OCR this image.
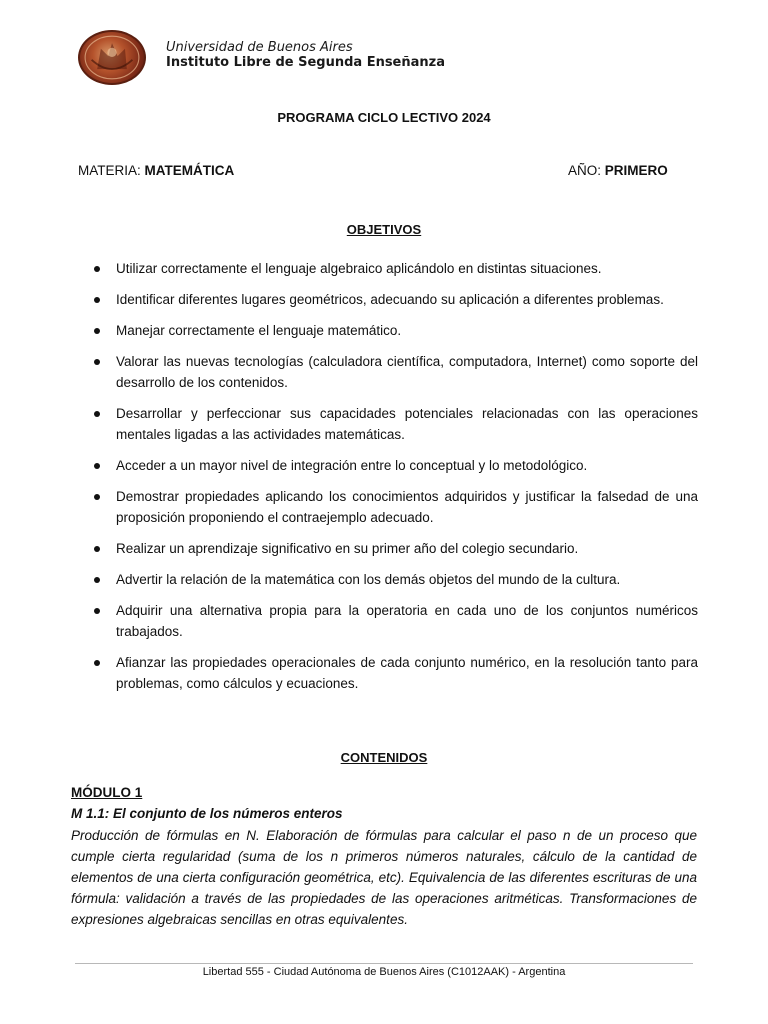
Universidad de Buenos Aires
Instituto Libre de Segunda Enseñanza
PROGRAMA CICLO LECTIVO 2024
MATERIA: MATEMÁTICA	AÑO: PRIMERO
OBJETIVOS
Utilizar correctamente el lenguaje algebraico aplicándolo en distintas situaciones.
Identificar diferentes lugares geométricos, adecuando su aplicación a diferentes problemas.
Manejar correctamente el lenguaje matemático.
Valorar las nuevas tecnologías (calculadora científica, computadora, Internet) como soporte del desarrollo de los contenidos.
Desarrollar y perfeccionar sus capacidades potenciales relacionadas con las operaciones mentales ligadas a las actividades matemáticas.
Acceder a un mayor nivel de integración entre lo conceptual y lo metodológico.
Demostrar propiedades aplicando los conocimientos adquiridos y justificar la falsedad de una proposición proponiendo el contraejemplo adecuado.
Realizar un aprendizaje significativo en su primer año del colegio secundario.
Advertir la relación de la matemática con los demás objetos del mundo de la cultura.
Adquirir una alternativa propia para la operatoria en cada uno de los conjuntos numéricos trabajados.
Afianzar las propiedades operacionales de cada conjunto numérico, en la resolución tanto para problemas, como cálculos y ecuaciones.
CONTENIDOS
MÓDULO 1
M 1.1: El conjunto de los números enteros
Producción de fórmulas en N. Elaboración de fórmulas para calcular el paso n de un proceso que cumple cierta regularidad (suma de los n primeros números naturales, cálculo de la cantidad de elementos de una cierta configuración geométrica, etc). Equivalencia de las diferentes escrituras de una fórmula: validación a través de las propiedades de las operaciones aritméticas. Transformaciones de expresiones algebraicas sencillas en otras equivalentes.
Libertad 555 - Ciudad Autónoma de Buenos Aires (C1012AAK) - Argentina
